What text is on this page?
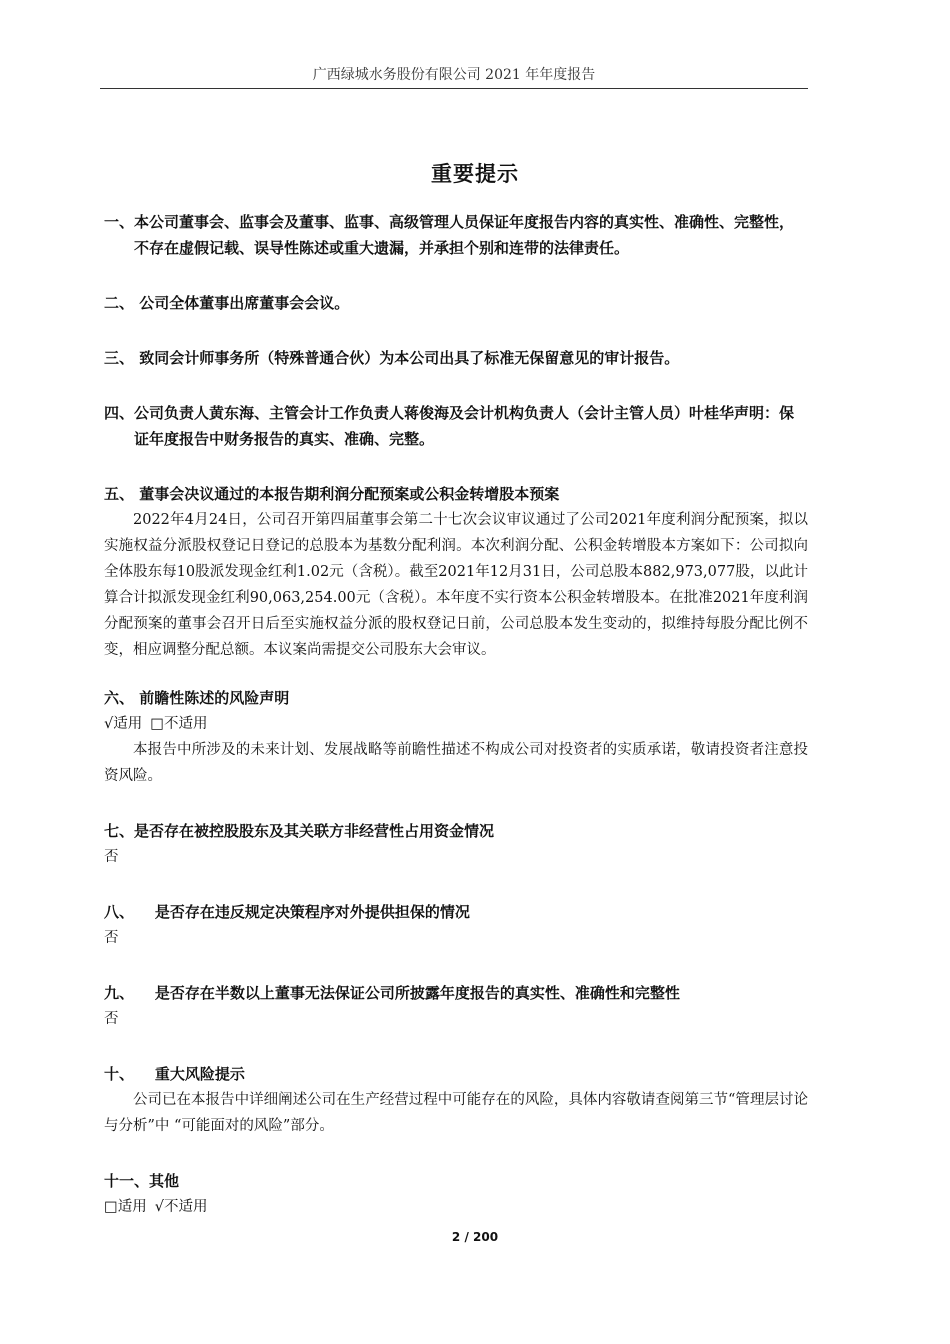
广西绿城水务股份有限公司 2021 年年度报告
重要提示
一、本公司董事会、监事会及董事、监事、高级管理人员保证年度报告内容的真实性、准确性、完整性，不存在虚假记载、误导性陈述或重大遗漏，并承担个别和连带的法律责任。
二、 公司全体董事出席董事会会议。
三、 致同会计师事务所（特殊普通合伙）为本公司出具了标准无保留意见的审计报告。
四、公司负责人黄东海、主管会计工作负责人蒋俊海及会计机构负责人（会计主管人员）叶桂华声明：保证年度报告中财务报告的真实、准确、完整。
五、 董事会决议通过的本报告期利润分配预案或公积金转增股本预案
2022年4月24日，公司召开第四届董事会第二十七次会议审议通过了公司2021年度利润分配预案，拟以实施权益分派股权登记日登记的总股本为基数分配利润。本次利润分配、公积金转增股本方案如下：公司拟向全体股东每10股派发现金红利1.02元（含税）。截至2021年12月31日，公司总股本882,973,077股，以此计算合计拟派发现金红利90,063,254.00元（含税）。本年度不实行资本公积金转增股本。在批准2021年度利润分配预案的董事会召开日后至实施权益分派的股权登记日前，公司总股本发生变动的，拟维持每股分配比例不变，相应调整分配总额。本议案尚需提交公司股东大会审议。
六、 前瞻性陈述的风险声明
√适用 □不适用
本报告中所涉及的未来计划、发展战略等前瞻性描述不构成公司对投资者的实质承诺，敬请投资者注意投资风险。
七、是否存在被控股股东及其关联方非经营性占用资金情况
否
八、    是否存在违反规定决策程序对外提供担保的情况
否
九、    是否存在半数以上董事无法保证公司所披露年度报告的真实性、准确性和完整性
否
十、    重大风险提示
公司已在本报告中详细阐述公司在生产经营过程中可能存在的风险，具体内容敬请查阅第三节“管理层讨论与分析”中 “可能面对的风险”部分。
十一、其他
□适用 √不适用
2 / 200
